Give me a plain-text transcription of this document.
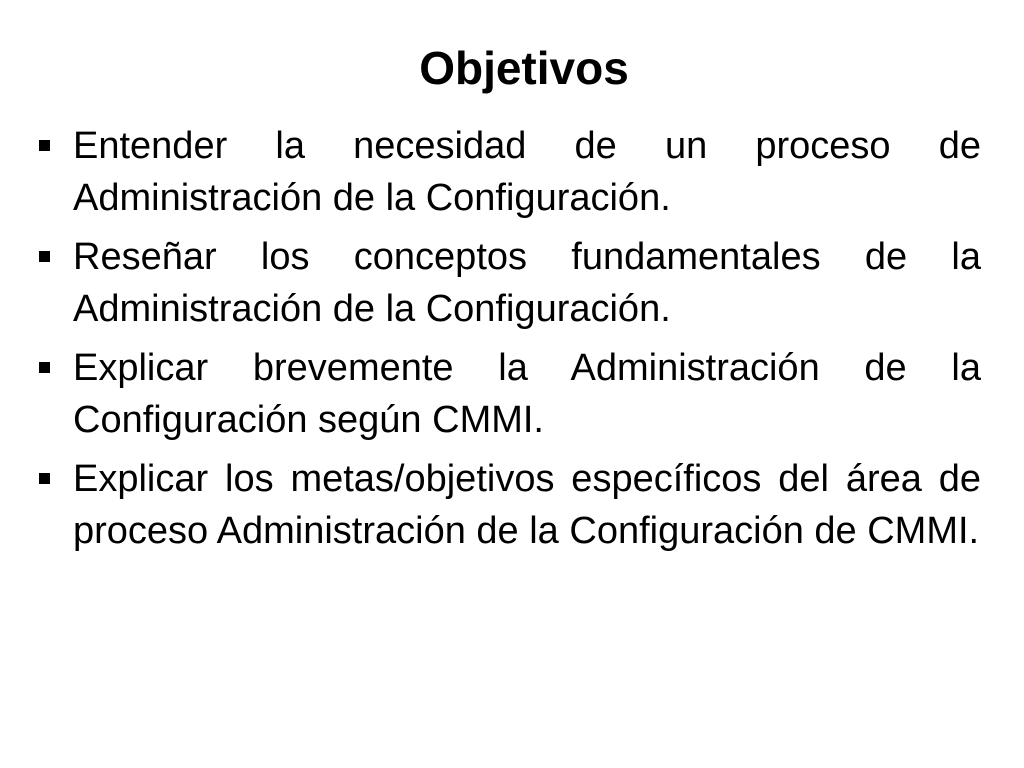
Objetivos
Entender la necesidad de un proceso de Administración de la Configuración.
Reseñar los conceptos fundamentales de la Administración de la Configuración.
Explicar brevemente la Administración de la Configuración según CMMI.
Explicar los metas/objetivos específicos del área de proceso Administración de la Configuración de CMMI.
